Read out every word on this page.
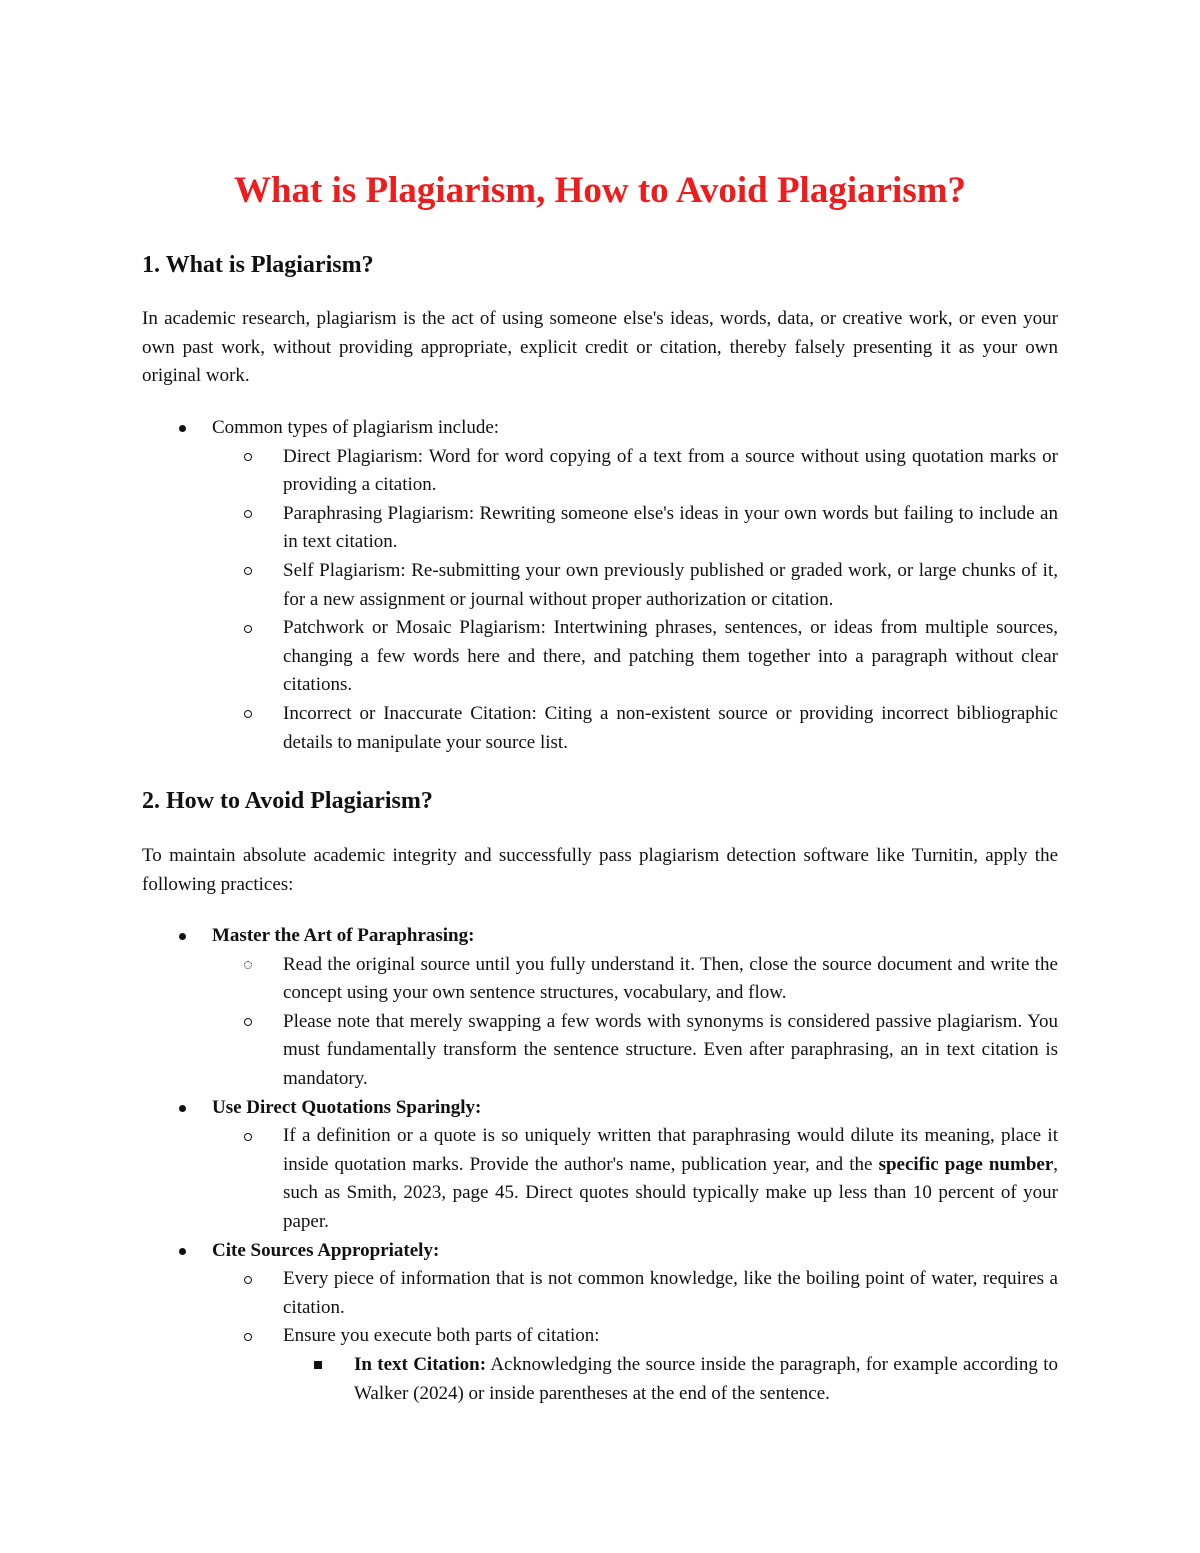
What is Plagiarism, How to Avoid Plagiarism?
1. What is Plagiarism?

In academic research, plagiarism is the act of using someone else's ideas, words, data, or creative work, or even your own past work, without providing appropriate, explicit credit or citation, thereby falsely presenting it as your own original work.

Common types of plagiarism include:
Direct Plagiarism: Word for word copying of a text from a source without using quotation marks or providing a citation.
Paraphrasing Plagiarism: Rewriting someone else's ideas in your own words but failing to include an in text citation.
Self Plagiarism: Re-submitting your own previously published or graded work, or large chunks of it, for a new assignment or journal without proper authorization or citation.
Patchwork or Mosaic Plagiarism: Intertwining phrases, sentences, or ideas from multiple sources, changing a few words here and there, and patching them together into a paragraph without clear citations.
Incorrect or Inaccurate Citation: Citing a non-existent source or providing incorrect bibliographic details to manipulate your source list.
2. How to Avoid Plagiarism?

To maintain absolute academic integrity and successfully pass plagiarism detection software like Turnitin, apply the following practices:

Master the Art of Paraphrasing:
Read the original source until you fully understand it. Then, close the source document and write the concept using your own sentence structures, vocabulary, and flow.
Please note that merely swapping a few words with synonyms is considered passive plagiarism. You must fundamentally transform the sentence structure. Even after paraphrasing, an in text citation is mandatory.
Use Direct Quotations Sparingly:
If a definition or a quote is so uniquely written that paraphrasing would dilute its meaning, place it inside quotation marks. Provide the author's name, publication year, and the specific page number, such as Smith, 2023, page 45. Direct quotes should typically make up less than 10 percent of your paper.
Cite Sources Appropriately:
Every piece of information that is not common knowledge, like the boiling point of water, requires a citation.
Ensure you execute both parts of citation:
In text Citation: Acknowledging the source inside the paragraph, for example according to Walker (2024) or inside parentheses at the end of the sentence.
